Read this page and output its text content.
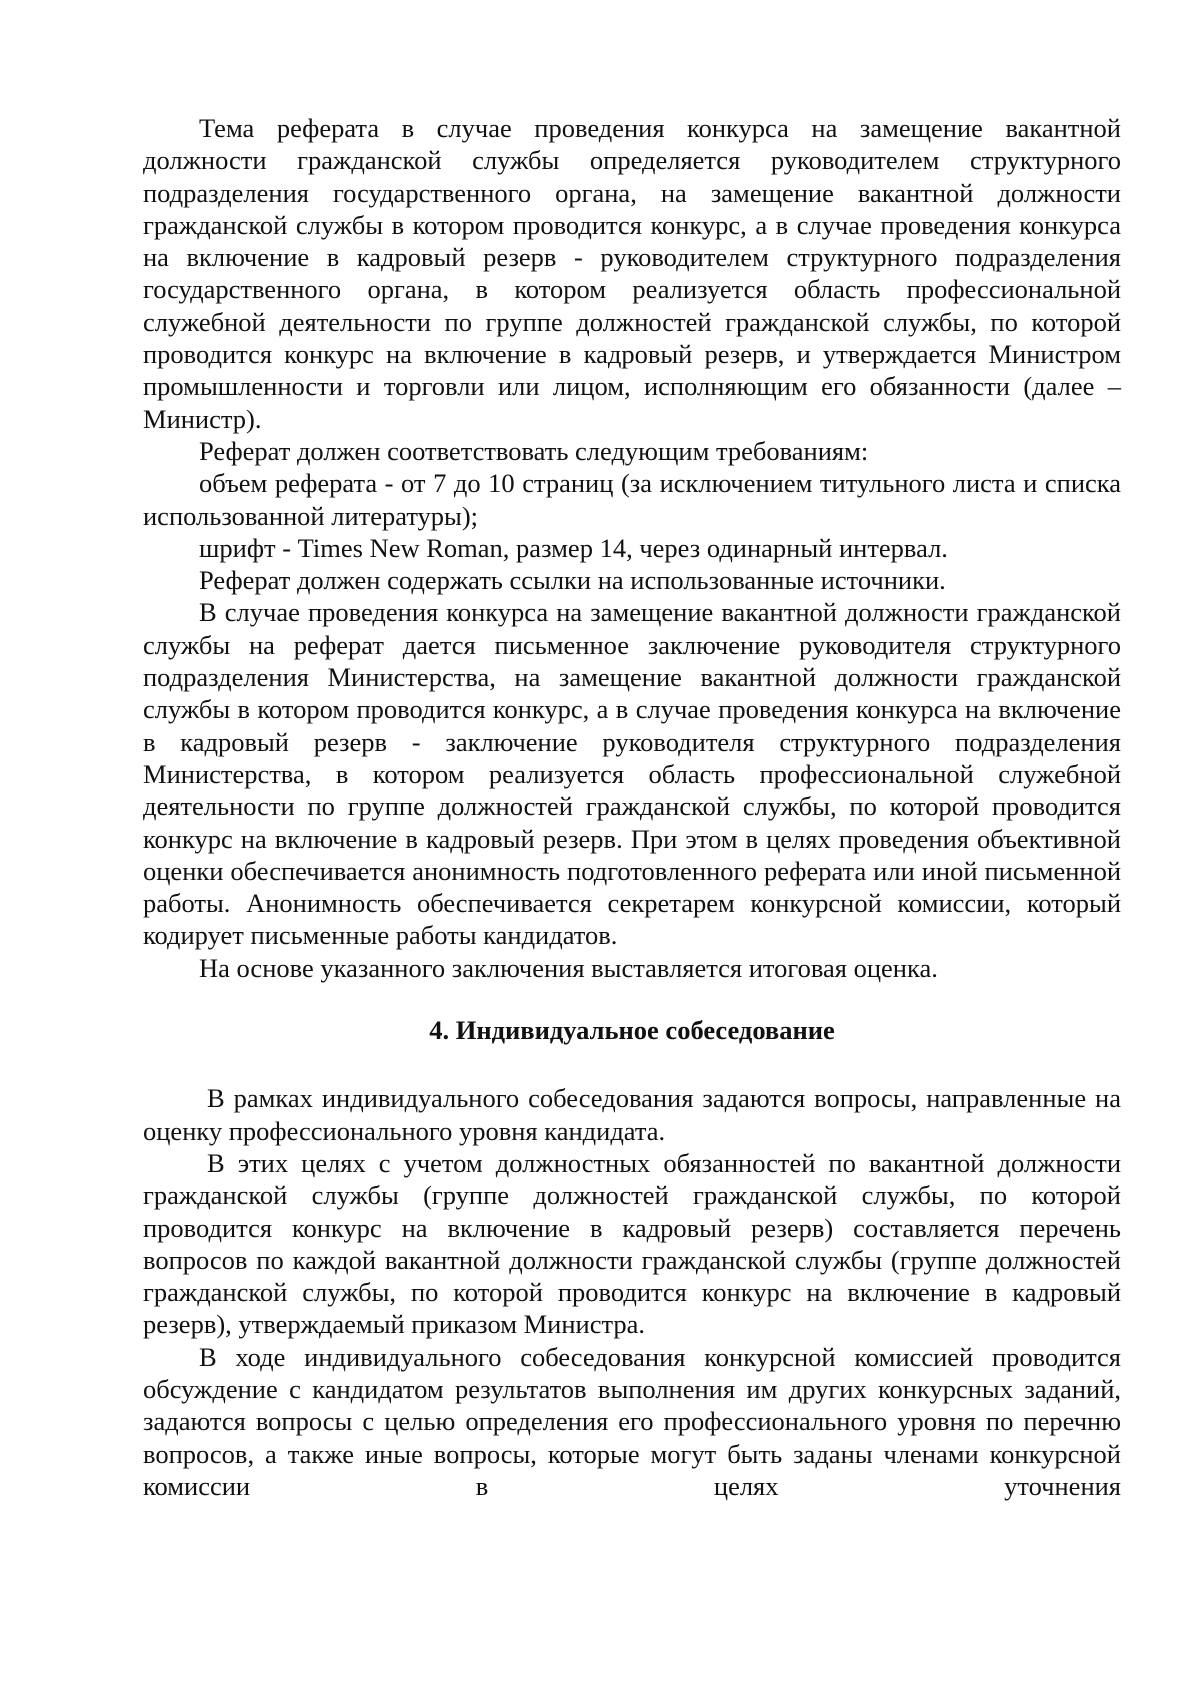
Тема реферата в случае проведения конкурса на замещение вакантной должности гражданской службы определяется руководителем структурного подразделения государственного органа, на замещение вакантной должности гражданской службы в котором проводится конкурс, а в случае проведения конкурса на включение в кадровый резерв - руководителем структурного подразделения государственного органа, в котором реализуется область профессиональной служебной деятельности по группе должностей гражданской службы, по которой проводится конкурс на включение в кадровый резерв, и утверждается Министром промышленности и торговли или лицом, исполняющим его обязанности (далее – Министр).

Реферат должен соответствовать следующим требованиям:

объем реферата - от 7 до 10 страниц (за исключением титульного листа и списка использованной литературы);

шрифт - Times New Roman, размер 14, через одинарный интервал.

Реферат должен содержать ссылки на использованные источники.

В случае проведения конкурса на замещение вакантной должности гражданской службы на реферат дается письменное заключение руководителя структурного подразделения Министерства, на замещение вакантной должности гражданской службы в котором проводится конкурс, а в случае проведения конкурса на включение в кадровый резерв - заключение руководителя структурного подразделения Министерства, в котором реализуется область профессиональной служебной деятельности по группе должностей гражданской службы, по которой проводится конкурс на включение в кадровый резерв. При этом в целях проведения объективной оценки обеспечивается анонимность подготовленного реферата или иной письменной работы. Анонимность обеспечивается секретарем конкурсной комиссии, который кодирует письменные работы кандидатов.

На основе указанного заключения выставляется итоговая оценка.

4. Индивидуальное собеседование

В рамках индивидуального собеседования задаются вопросы, направленные на оценку профессионального уровня кандидата.

В этих целях с учетом должностных обязанностей по вакантной должности гражданской службы (группе должностей гражданской службы, по которой проводится конкурс на включение в кадровый резерв) составляется перечень вопросов по каждой вакантной должности гражданской службы (группе должностей гражданской службы, по которой проводится конкурс на включение в кадровый резерв), утверждаемый приказом Министра.

В ходе индивидуального собеседования конкурсной комиссией проводится обсуждение с кандидатом результатов выполнения им других конкурсных заданий, задаются вопросы с целью определения его профессионального уровня по перечню вопросов, а также иные вопросы, которые могут быть заданы членами конкурсной комиссии в целях уточнения
